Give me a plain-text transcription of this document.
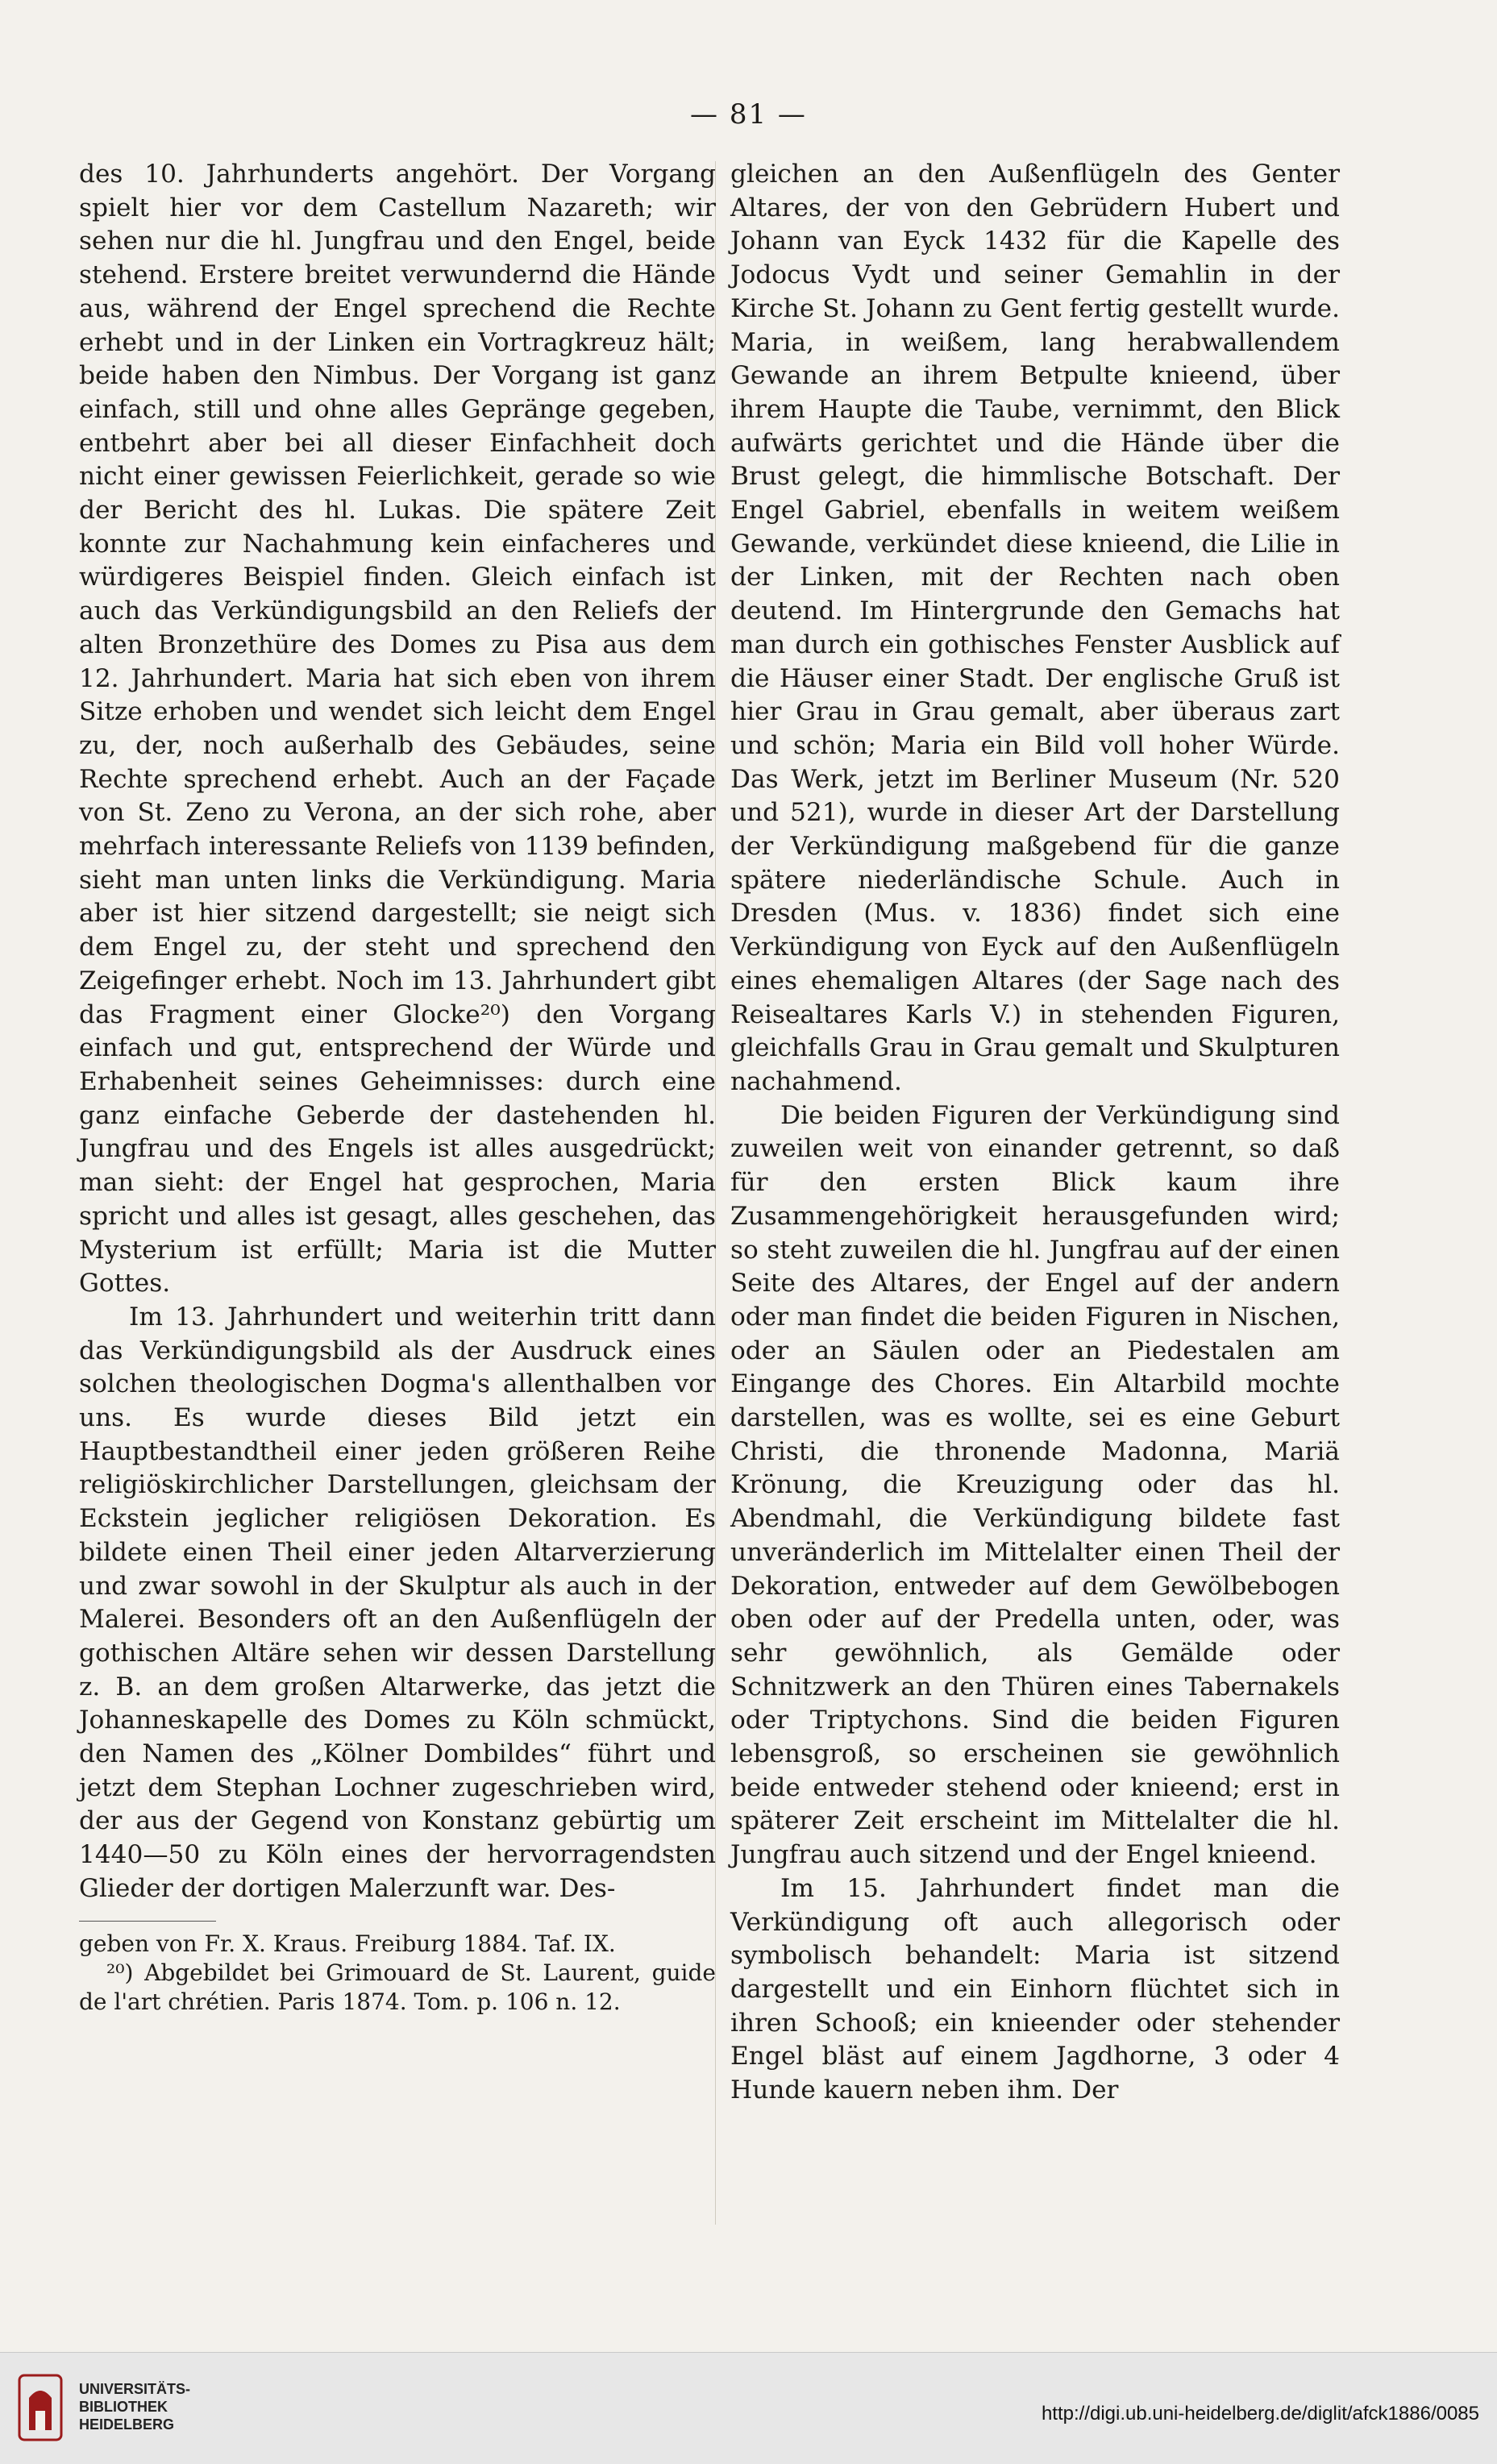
— 81 —

des 10. Jahrhunderts angehört. Der Vorgang spielt hier vor dem Castellum Nazareth; wir sehen nur die hl. Jungfrau und den Engel, beide stehend. Erstere breitet verwundernd die Hände aus, während der Engel sprechend die Rechte erhebt und in der Linken ein Vortragkreuz hält; beide haben den Nimbus. Der Vorgang ist ganz einfach, still und ohne alles Gepränge gegeben, entbehrt aber bei all dieser Einfachheit doch nicht einer gewissen Feierlichkeit, gerade so wie der Bericht des hl. Lukas. Die spätere Zeit konnte zur Nachahmung kein einfacheres und würdigeres Beispiel finden. Gleich einfach ist auch das Verkündigungsbild an den Reliefs der alten Bronzethüre des Domes zu Pisa aus dem 12. Jahrhundert. Maria hat sich eben von ihrem Sitze erhoben und wendet sich leicht dem Engel zu, der, noch außerhalb des Gebäudes, seine Rechte sprechend erhebt. Auch an der Façade von St. Zeno zu Verona, an der sich rohe, aber mehrfach interessante Reliefs von 1139 befinden, sieht man unten links die Verkündigung. Maria aber ist hier sitzend dargestellt; sie neigt sich dem Engel zu, der steht und sprechend den Zeigefinger erhebt. Noch im 13. Jahrhundert gibt das Fragment einer Glocke²⁰) den Vorgang einfach und gut, entsprechend der Würde und Erhabenheit seines Geheimnisses: durch eine ganz einfache Geberde der dastehenden hl. Jungfrau und des Engels ist alles ausgedrückt; man sieht: der Engel hat gesprochen, Maria spricht und alles ist gesagt, alles geschehen, das Mysterium ist erfüllt; Maria ist die Mutter Gottes.

Im 13. Jahrhundert und weiterhin tritt dann das Verkündigungsbild als der Ausdruck eines solchen theologischen Dogma's allenthalben vor uns. Es wurde dieses Bild jetzt ein Hauptbestandtheil einer jeden größeren Reihe religiöskirchlicher Darstellungen, gleichsam der Eckstein jeglicher religiösen Dekoration. Es bildete einen Theil einer jeden Altarverzierung und zwar sowohl in der Skulptur als auch in der Malerei. Besonders oft an den Außenflügeln der gothischen Altäre sehen wir dessen Darstellung z. B. an dem großen Altarwerke, das jetzt die Johanneskapelle des Domes zu Köln schmückt, den Namen des „Kölner Dombildes“ führt und jetzt dem Stephan Lochner zugeschrieben wird, der aus der Gegend von Konstanz gebürtig um 1440—50 zu Köln eines der hervorragendsten Glieder der dortigen Malerzunft war. Des-

geben von Fr. X. Kraus. Freiburg 1884. Taf. IX.

²⁰) Abgebildet bei Grimouard de St. Laurent, guide de l'art chrétien. Paris 1874. Tom. p. 106 n. 12.

gleichen an den Außenflügeln des Genter Altares, der von den Gebrüdern Hubert und Johann van Eyck 1432 für die Kapelle des Jodocus Vydt und seiner Gemahlin in der Kirche St. Johann zu Gent fertig gestellt wurde. Maria, in weißem, lang herabwallendem Gewande an ihrem Betpulte knieend, über ihrem Haupte die Taube, vernimmt, den Blick aufwärts gerichtet und die Hände über die Brust gelegt, die himmlische Botschaft. Der Engel Gabriel, ebenfalls in weitem weißem Gewande, verkündet diese knieend, die Lilie in der Linken, mit der Rechten nach oben deutend. Im Hintergrunde den Gemachs hat man durch ein gothisches Fenster Ausblick auf die Häuser einer Stadt. Der englische Gruß ist hier Grau in Grau gemalt, aber überaus zart und schön; Maria ein Bild voll hoher Würde. Das Werk, jetzt im Berliner Museum (Nr. 520 und 521), wurde in dieser Art der Darstellung der Verkündigung maßgebend für die ganze spätere niederländische Schule. Auch in Dresden (Mus. v. 1836) findet sich eine Verkündigung von Eyck auf den Außenflügeln eines ehemaligen Altares (der Sage nach des Reisealtares Karls V.) in stehenden Figuren, gleichfalls Grau in Grau gemalt und Skulpturen nachahmend.

Die beiden Figuren der Verkündigung sind zuweilen weit von einander getrennt, so daß für den ersten Blick kaum ihre Zusammengehörigkeit herausgefunden wird; so steht zuweilen die hl. Jungfrau auf der einen Seite des Altares, der Engel auf der andern oder man findet die beiden Figuren in Nischen, oder an Säulen oder an Piedestalen am Eingange des Chores. Ein Altarbild mochte darstellen, was es wollte, sei es eine Geburt Christi, die thronende Madonna, Mariä Krönung, die Kreuzigung oder das hl. Abendmahl, die Verkündigung bildete fast unveränderlich im Mittelalter einen Theil der Dekoration, entweder auf dem Gewölbebogen oben oder auf der Predella unten, oder, was sehr gewöhnlich, als Gemälde oder Schnitzwerk an den Thüren eines Tabernakels oder Triptychons. Sind die beiden Figuren lebensgroß, so erscheinen sie gewöhnlich beide entweder stehend oder knieend; erst in späterer Zeit erscheint im Mittelalter die hl. Jungfrau auch sitzend und der Engel knieend.

Im 15. Jahrhundert findet man die Verkündigung oft auch allegorisch oder symbolisch behandelt: Maria ist sitzend dargestellt und ein Einhorn flüchtet sich in ihren Schooß; ein knieender oder stehender Engel bläst auf einem Jagdhorne, 3 oder 4 Hunde kauern neben ihm. Der

UNIVERSITÄTS-
BIBLIOTHEK
HEIDELBERG	http://digi.ub.uni-heidelberg.de/diglit/afck1886/0085
